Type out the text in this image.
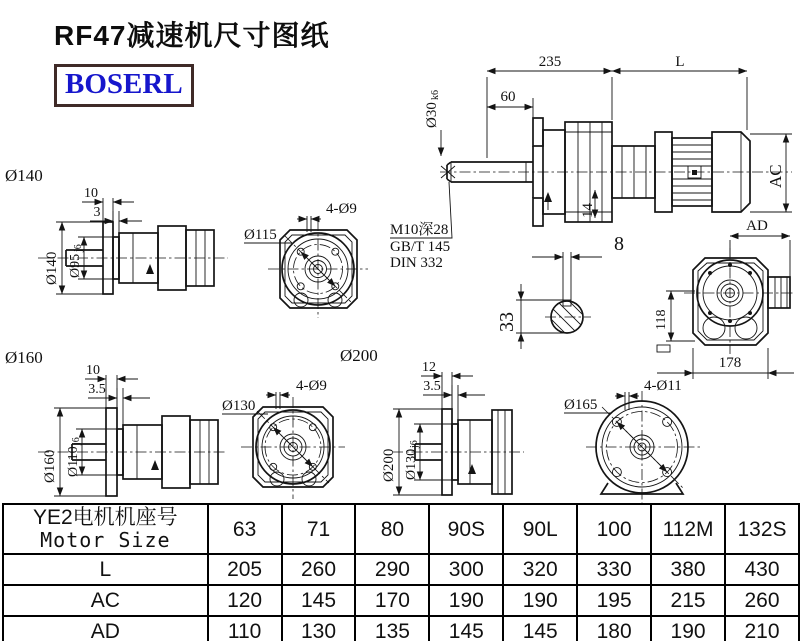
RF47减速机尺寸图纸
BOSERL
235	L
60
Ø30
k6
AC
14
M10深28
GB/T 145
DIN 332
8
33
AD
118
178
Ø140
10
3
Ø140 Ø95
j6
Ø115
4-Ø9
Ø160
10
3.5
Ø160 Ø110
j6
Ø130
4-Ø9
Ø200
12
3.5
Ø200 Ø130
j6
Ø165
4-Ø11
YE2电机机座号
Motor Size	63	71	80	90S	90L	100	112M	132S
L	205	260	290	300	320	330	380	430
AC	120	145	170	190	190	195	215	260
AD	110	130	135	145	145	180	190	210
